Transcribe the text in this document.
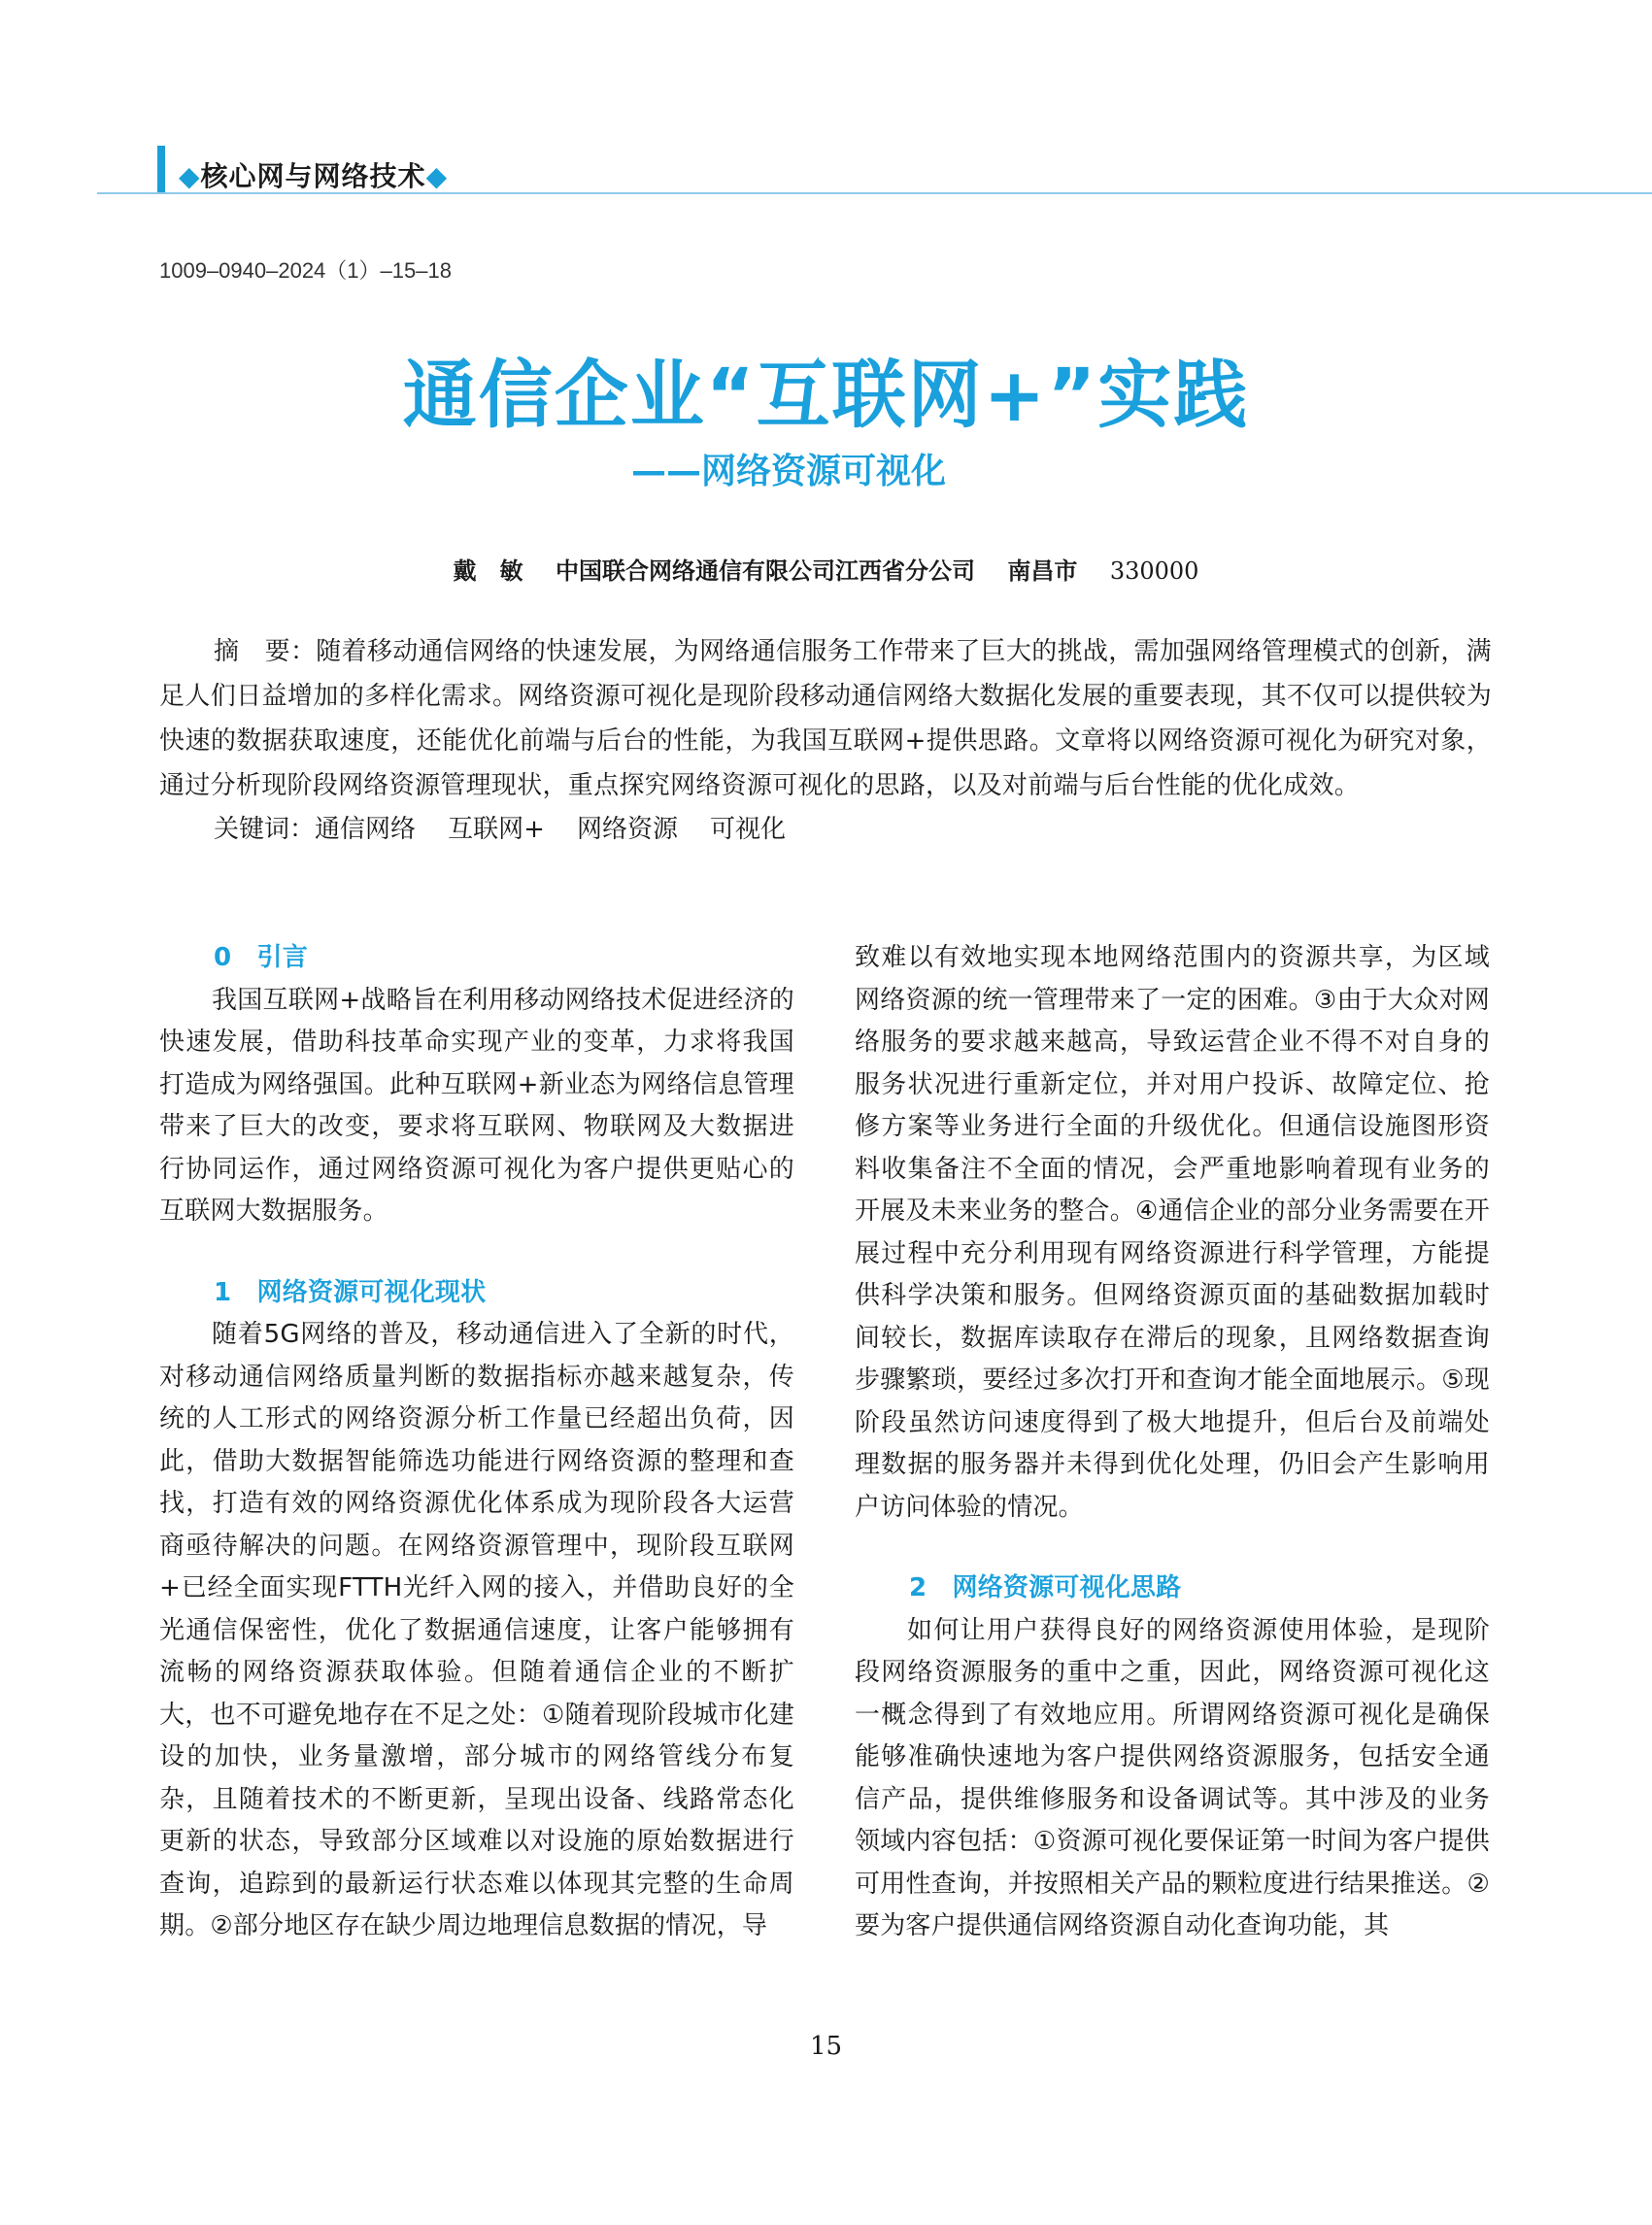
◆核心网与网络技术◆
1009–0940–2024（1）–15–18
通信企业“互联网+”实践
——网络资源可视化
戴　敏 中国联合网络通信有限公司江西省分公司 南昌市 330000
摘　要：随着移动通信网络的快速发展，为网络通信服务工作带来了巨大的挑战，需加强网络管理模式的创新，满足人们日益增加的多样化需求。网络资源可视化是现阶段移动通信网络大数据化发展的重要表现，其不仅可以提供较为快速的数据获取速度，还能优化前端与后台的性能，为我国互联网+提供思路。文章将以网络资源可视化为研究对象，通过分析现阶段网络资源管理现状，重点探究网络资源可视化的思路，以及对前端与后台性能的优化成效。
关键词：通信网络 互联网+ 网络资源 可视化
0　引言

我国互联网+战略旨在利用移动网络技术促进经济的快速发展，借助科技革命实现产业的变革，力求将我国打造成为网络强国。此种互联网+新业态为网络信息管理带来了巨大的改变，要求将互联网、物联网及大数据进行协同运作，通过网络资源可视化为客户提供更贴心的互联网大数据服务。

1　网络资源可视化现状

随着5G网络的普及，移动通信进入了全新的时代，对移动通信网络质量判断的数据指标亦越来越复杂，传统的人工形式的网络资源分析工作量已经超出负荷，因此，借助大数据智能筛选功能进行网络资源的整理和查找，打造有效的网络资源优化体系成为现阶段各大运营商亟待解决的问题。在网络资源管理中，现阶段互联网+已经全面实现FTTH光纤入网的接入，并借助良好的全光通信保密性，优化了数据通信速度，让客户能够拥有流畅的网络资源获取体验。但随着通信企业的不断扩大，也不可避免地存在不足之处：①随着现阶段城市化建设的加快，业务量激增，部分城市的网络管线分布复杂，且随着技术的不断更新，呈现出设备、线路常态化更新的状态，导致部分区域难以对设施的原始数据进行查询，追踪到的最新运行状态难以体现其完整的生命周期。②部分地区存在缺少周边地理信息数据的情况，导

致难以有效地实现本地网络范围内的资源共享，为区域网络资源的统一管理带来了一定的困难。③由于大众对网络服务的要求越来越高，导致运营企业不得不对自身的服务状况进行重新定位，并对用户投诉、故障定位、抢修方案等业务进行全面的升级优化。但通信设施图形资料收集备注不全面的情况，会严重地影响着现有业务的开展及未来业务的整合。④通信企业的部分业务需要在开展过程中充分利用现有网络资源进行科学管理，方能提供科学决策和服务。但网络资源页面的基础数据加载时间较长，数据库读取存在滞后的现象，且网络数据查询步骤繁琐，要经过多次打开和查询才能全面地展示。⑤现阶段虽然访问速度得到了极大地提升，但后台及前端处理数据的服务器并未得到优化处理，仍旧会产生影响用户访问体验的情况。

2　网络资源可视化思路

如何让用户获得良好的网络资源使用体验，是现阶段网络资源服务的重中之重，因此，网络资源可视化这一概念得到了有效地应用。所谓网络资源可视化是确保能够准确快速地为客户提供网络资源服务，包括安全通信产品，提供维修服务和设备调试等。其中涉及的业务领域内容包括：①资源可视化要保证第一时间为客户提供可用性查询，并按照相关产品的颗粒度进行结果推送。②要为客户提供通信网络资源自动化查询功能，其

15
